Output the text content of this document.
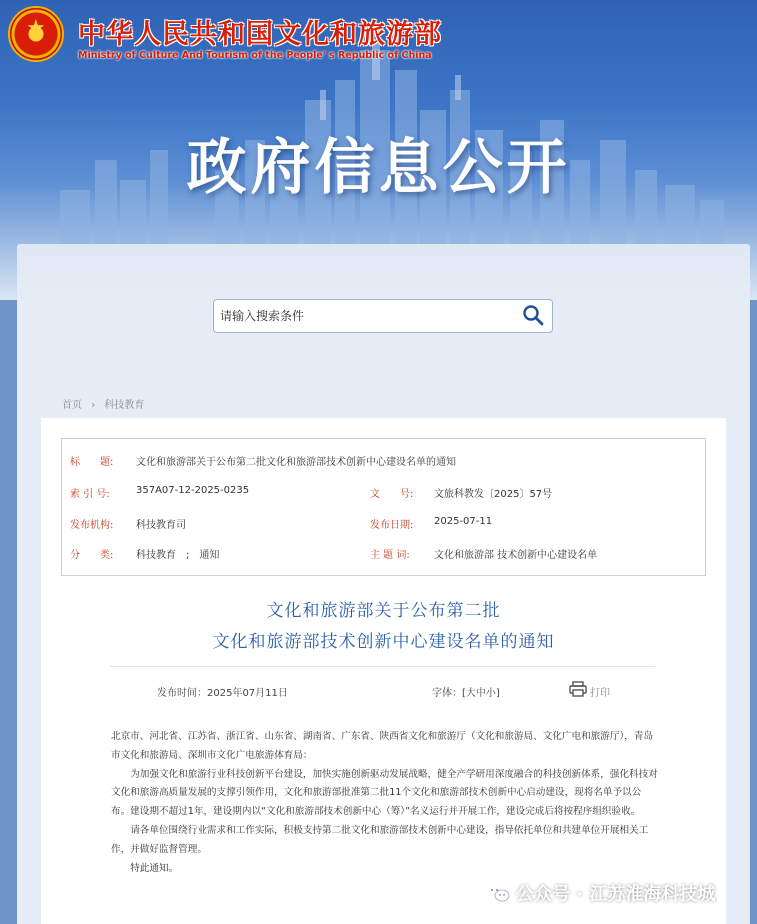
★ 中华人民共和国文化和旅游部
Ministry of Culture And Tourism of the People' s Republic of China
政府信息公开
请输入搜索条件
首页 › 科技教育
标　　题: 文化和旅游部关于公布第二批文化和旅游部技术创新中心建设名单的通知
索 引 号:	357A07-12-2025-0235	文　　号: 文旅科教发〔2025〕57号
发布机构: 科技教育司	发布日期: 2025-07-11
分　　类: 科技教育　;　通知	主 题 词: 文化和旅游部 技术创新中心建设名单
文化和旅游部关于公布第二批
文化和旅游部技术创新中心建设名单的通知
发布时间：2025年07月11日	字体：[大中小]	打印

北京市、河北省、江苏省、浙江省、山东省、湖南省、广东省、陕西省文化和旅游厅（文化和旅游局、文化广电和旅游厅），青岛市文化和旅游局、深圳市文化广电旅游体育局：

为加强文化和旅游行业科技创新平台建设，加快实施创新驱动发展战略，健全产学研用深度融合的科技创新体系，强化科技对文化和旅游高质量发展的支撑引领作用，文化和旅游部批准第二批11个文化和旅游部技术创新中心启动建设，现将名单予以公布。建设期不超过1年，建设期内以“文化和旅游部技术创新中心（筹）”名义运行并开展工作，建设完成后将按程序组织验收。

请各单位围绕行业需求和工作实际，积极支持第二批文化和旅游部技术创新中心建设，指导依托单位和共建单位开展相关工作，并做好监督管理。

特此通知。

公众号 · 江苏淮海科技城
